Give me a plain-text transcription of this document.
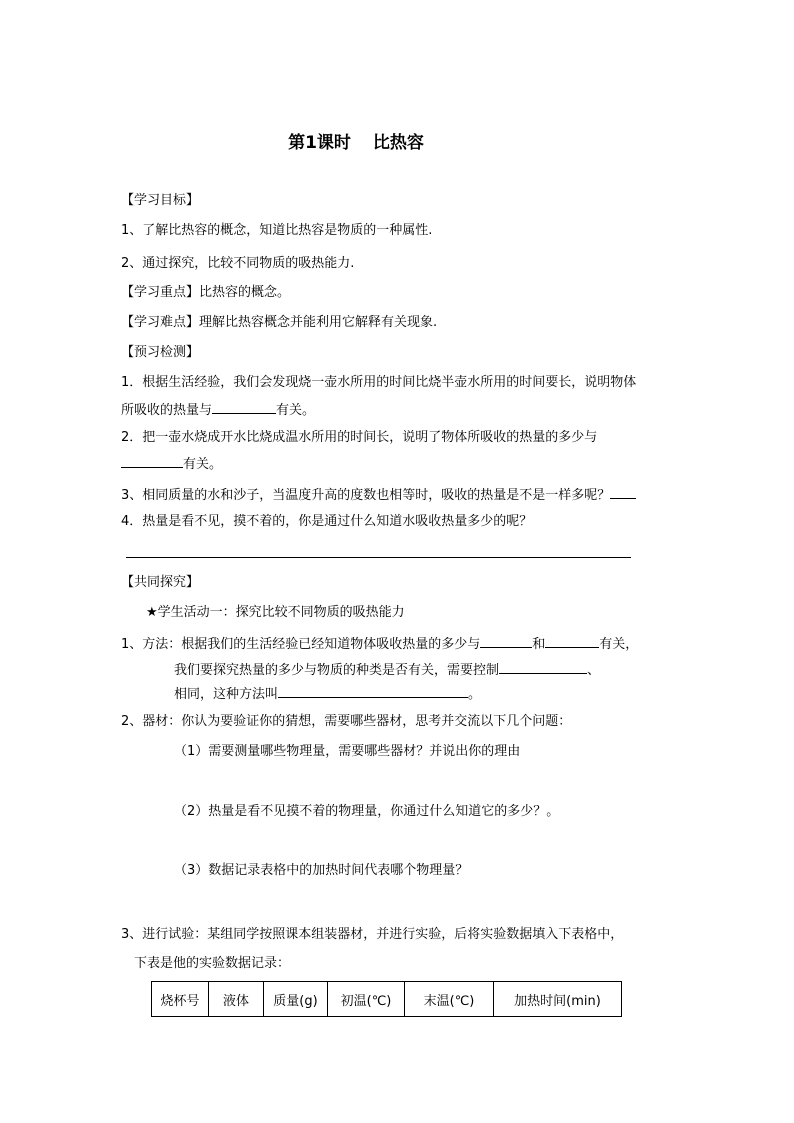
第1课时 比热容
【学习目标】
1、了解比热容的概念，知道比热容是物质的一种属性.
2、通过探究，比较不同物质的吸热能力.
【学习重点】比热容的概念。
【学习难点】理解比热容概念并能利用它解释有关现象.
【预习检测】
1．根据生活经验，我们会发现烧一壶水所用的时间比烧半壶水所用的时间要长，说明物体
所吸收的热量与	有关。
2．把一壶水烧成开水比烧成温水所用的时间长，说明了物体所吸收的热量的多少与
有关。
3、相同质量的水和沙子，当温度升高的度数也相等时，吸收的热量是不是一样多呢？
4．热量是看不见，摸不着的，你是通过什么知道水吸收热量多少的呢？
【共同探究】
★学生活动一：探究比较不同物质的吸热能力
1、方法：根据我们的生活经验已经知道物体吸收热量的多少与	和	有关，
我们要探究热量的多少与物质的种类是否有关，需要控制	、
相同，这种方法叫	。
2、器材：你认为要验证你的猜想，需要哪些器材，思考并交流以下几个问题：
（1）需要测量哪些物理量，需要哪些器材？并说出你的理由
（2）热量是看不见摸不着的物理量，你通过什么知道它的多少？。
（3）数据记录表格中的加热时间代表哪个物理量？
3、进行试验：某组同学按照课本组装器材，并进行实验，后将实验数据填入下表格中，
下表是他的实验数据记录：
烧杯号	液体	质量(g)	初温(℃)	末温(℃)	加热时间(min)
